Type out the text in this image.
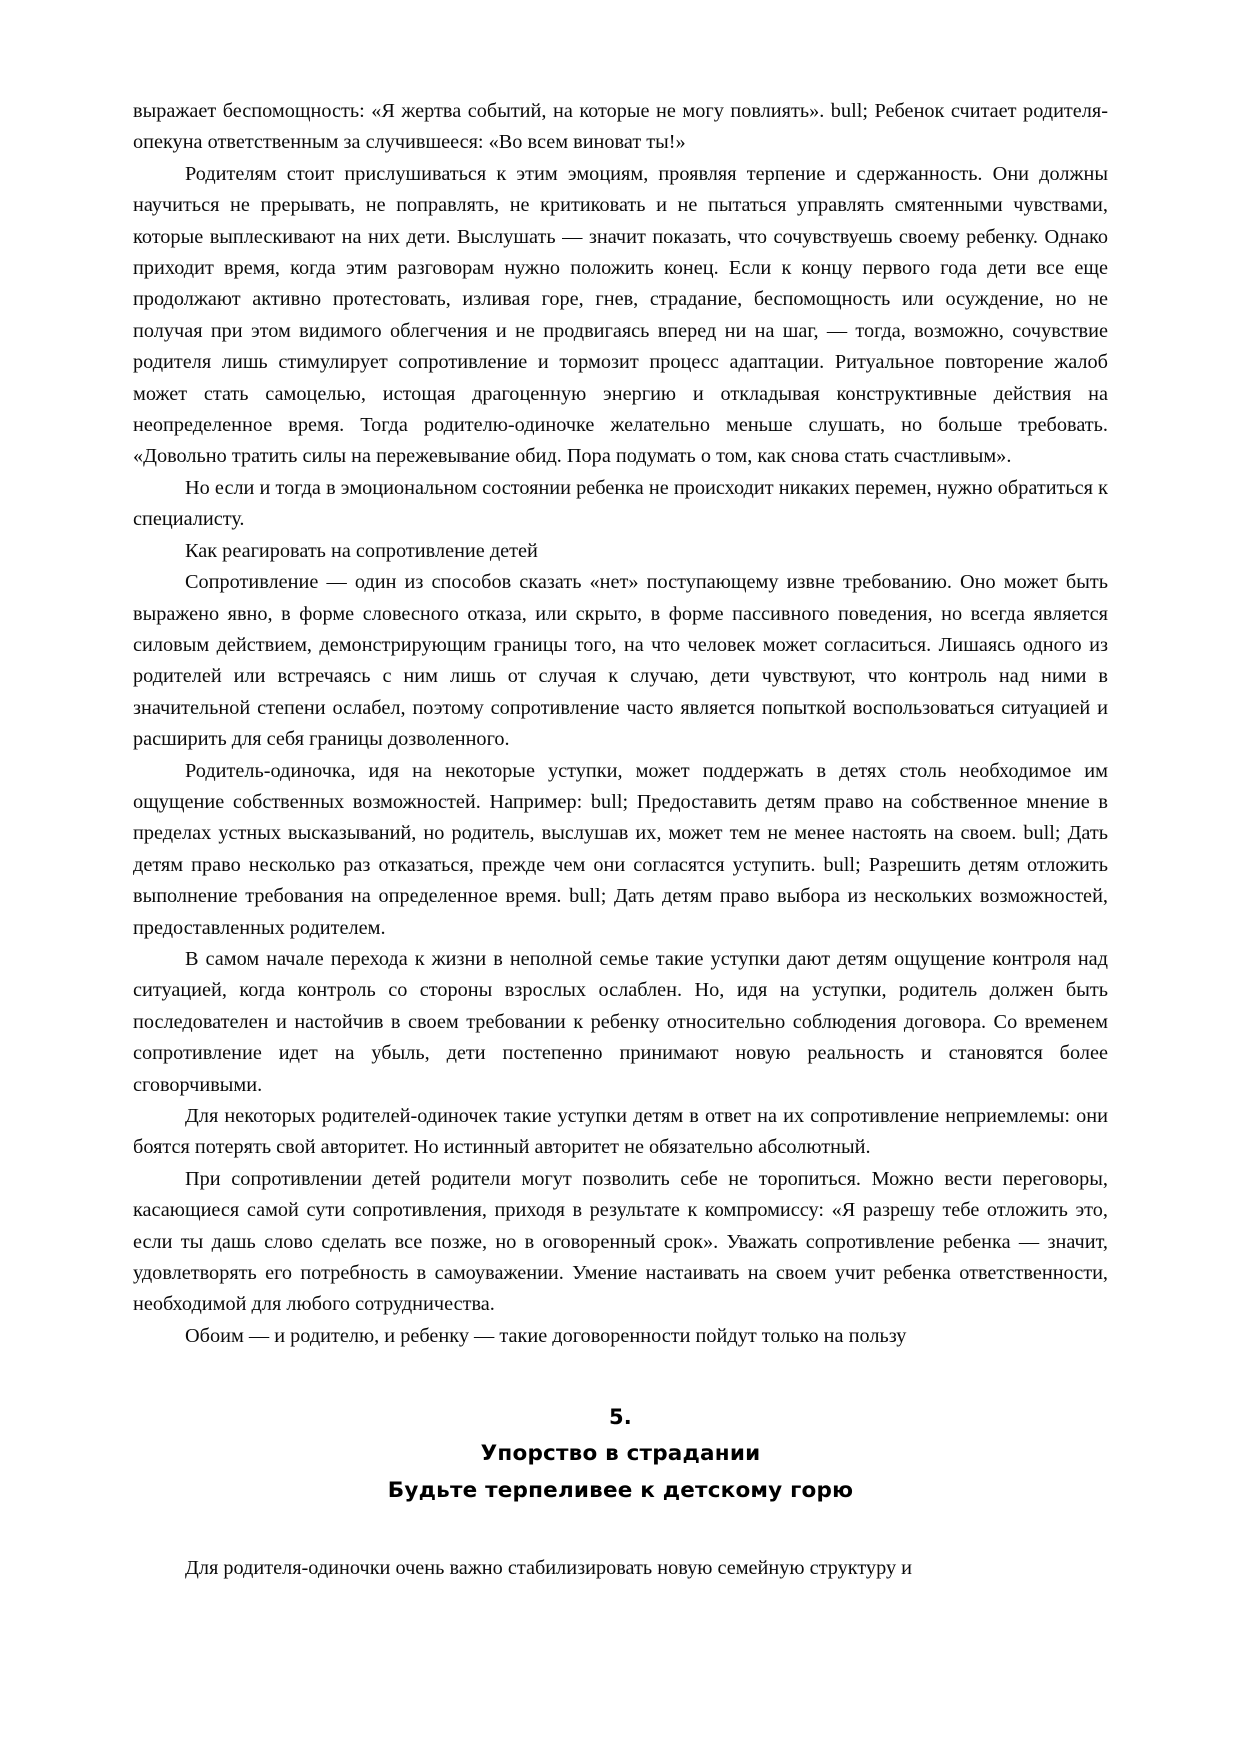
выражает беспомощность: «Я жертва событий, на которые не могу повлиять». bull; Ребенок считает родителя-опекуна ответственным за случившееся: «Во всем виноват ты!»

Родителям стоит прислушиваться к этим эмоциям, проявляя терпение и сдержанность. Они должны научиться не прерывать, не поправлять, не критиковать и не пытаться управлять смятенными чувствами, которые выплескивают на них дети. Выслушать — значит показать, что сочувствуешь своему ребенку. Однако приходит время, когда этим разговорам нужно положить конец. Если к концу первого года дети все еще продолжают активно протестовать, изливая горе, гнев, страдание, беспомощность или осуждение, но не получая при этом видимого облегчения и не продвигаясь вперед ни на шаг, — тогда, возможно, сочувствие родителя лишь стимулирует сопротивление и тормозит процесс адаптации. Ритуальное повторение жалоб может стать самоцелью, истощая драгоценную энергию и откладывая конструктивные действия на неопределенное время. Тогда родителю-одиночке желательно меньше слушать, но больше требовать. «Довольно тратить силы на пережевывание обид. Пора подумать о том, как снова стать счастливым».

Но если и тогда в эмоциональном состоянии ребенка не происходит никаких перемен, нужно обратиться к специалисту.

Как реагировать на сопротивление детей

Сопротивление — один из способов сказать «нет» поступающему извне требованию. Оно может быть выражено явно, в форме словесного отказа, или скрыто, в форме пассивного поведения, но всегда является силовым действием, демонстрирующим границы того, на что человек может согласиться. Лишаясь одного из родителей или встречаясь с ним лишь от случая к случаю, дети чувствуют, что контроль над ними в значительной степени ослабел, поэтому сопротивление часто является попыткой воспользоваться ситуацией и расширить для себя границы дозволенного.

Родитель-одиночка, идя на некоторые уступки, может поддержать в детях столь необходимое им ощущение собственных возможностей. Например: bull; Предоставить детям право на собственное мнение в пределах устных высказываний, но родитель, выслушав их, может тем не менее настоять на своем. bull; Дать детям право несколько раз отказаться, прежде чем они согласятся уступить. bull; Разрешить детям отложить выполнение требования на определенное время. bull; Дать детям право выбора из нескольких возможностей, предоставленных родителем.

В самом начале перехода к жизни в неполной семье такие уступки дают детям ощущение контроля над ситуацией, когда контроль со стороны взрослых ослаблен. Но, идя на уступки, родитель должен быть последователен и настойчив в своем требовании к ребенку относительно соблюдения договора. Со временем сопротивление идет на убыль, дети постепенно принимают новую реальность и становятся более сговорчивыми.

Для некоторых родителей-одиночек такие уступки детям в ответ на их сопротивление неприемлемы: они боятся потерять свой авторитет. Но истинный авторитет не обязательно абсолютный.

При сопротивлении детей родители могут позволить себе не торопиться. Можно вести переговоры, касающиеся самой сути сопротивления, приходя в результате к компромиссу: «Я разрешу тебе отложить это, если ты дашь слово сделать все позже, но в оговоренный срок». Уважать сопротивление ребенка — значит, удовлетворять его потребность в самоуважении. Умение настаивать на своем учит ребенка ответственности, необходимой для любого сотрудничества.

Обоим — и родителю, и ребенку — такие договоренности пойдут только на пользу

5.
Упорство в страдании
Будьте терпеливее к детскому горю

Для родителя-одиночки очень важно стабилизировать новую семейную структуру и
